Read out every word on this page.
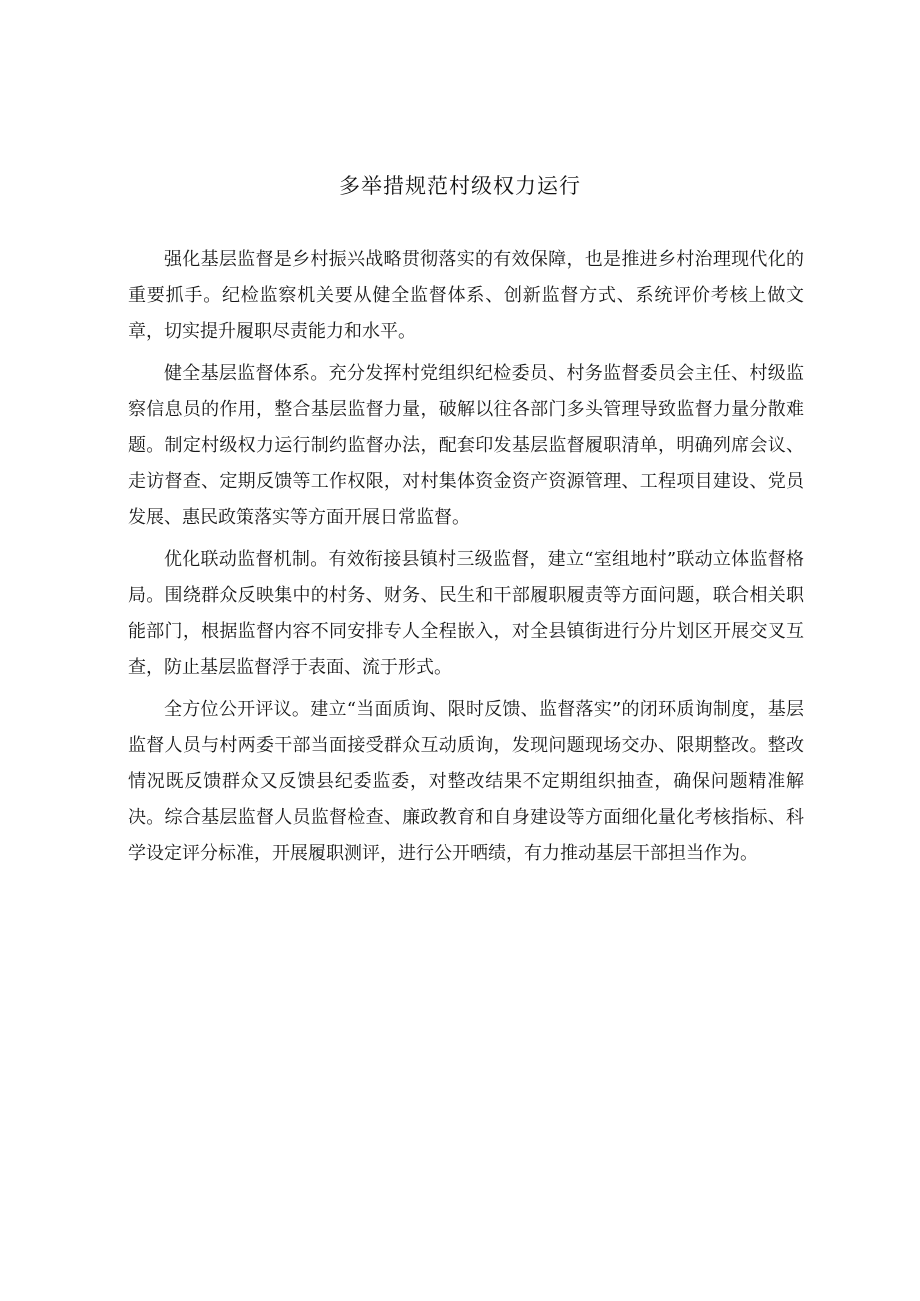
多举措规范村级权力运行

强化基层监督是乡村振兴战略贯彻落实的有效保障，也是推进乡村治理现代化的重要抓手。纪检监察机关要从健全监督体系、创新监督方式、系统评价考核上做文章，切实提升履职尽责能力和水平。

健全基层监督体系。充分发挥村党组织纪检委员、村务监督委员会主任、村级监察信息员的作用，整合基层监督力量，破解以往各部门多头管理导致监督力量分散难题。制定村级权力运行制约监督办法，配套印发基层监督履职清单，明确列席会议、走访督查、定期反馈等工作权限，对村集体资金资产资源管理、工程项目建设、党员发展、惠民政策落实等方面开展日常监督。

优化联动监督机制。有效衔接县镇村三级监督，建立“室组地村”联动立体监督格局。围绕群众反映集中的村务、财务、民生和干部履职履责等方面问题，联合相关职能部门，根据监督内容不同安排专人全程嵌入，对全县镇街进行分片划区开展交叉互查，防止基层监督浮于表面、流于形式。

全方位公开评议。建立“当面质询、限时反馈、监督落实”的闭环质询制度，基层监督人员与村两委干部当面接受群众互动质询，发现问题现场交办、限期整改。整改情况既反馈群众又反馈县纪委监委，对整改结果不定期组织抽查，确保问题精准解决。综合基层监督人员监督检查、廉政教育和自身建设等方面细化量化考核指标、科学设定评分标准，开展履职测评，进行公开晒绩，有力推动基层干部担当作为。
